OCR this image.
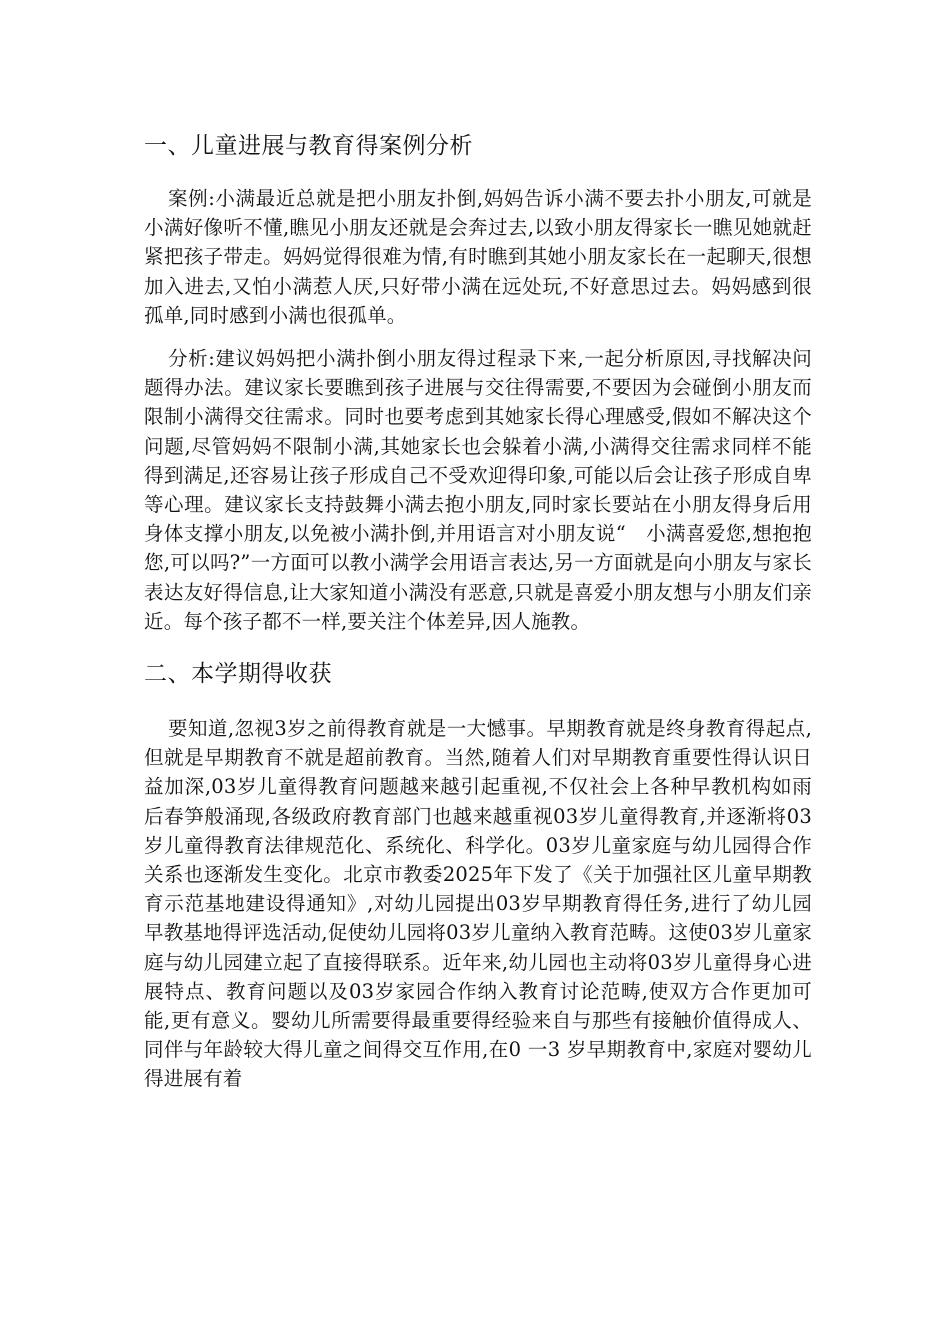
一、儿童进展与教育得案例分析

案例:小满最近总就是把小朋友扑倒,妈妈告诉小满不要去扑小朋友,可就是小满好像听不懂,瞧见小朋友还就是会奔过去,以致小朋友得家长一瞧见她就赶紧把孩子带走。妈妈觉得很难为情,有时瞧到其她小朋友家长在一起聊天,很想加入进去,又怕小满惹人厌,只好带小满在远处玩,不好意思过去。妈妈感到很孤单,同时感到小满也很孤单。

分析:建议妈妈把小满扑倒小朋友得过程录下来,一起分析原因,寻找解决问题得办法。建议家长要瞧到孩子进展与交往得需要,不要因为会碰倒小朋友而限制小满得交往需求。同时也要考虑到其她家长得心理感受,假如不解决这个问题,尽管妈妈不限制小满,其她家长也会躲着小满,小满得交往需求同样不能得到满足,还容易让孩子形成自己不受欢迎得印象,可能以后会让孩子形成自卑等心理。建议家长支持鼓舞小满去抱小朋友,同时家长要站在小朋友得身后用身体支撑小朋友,以免被小满扑倒,并用语言对小朋友说“　小满喜爱您,想抱抱您,可以吗?”一方面可以教小满学会用语言表达,另一方面就是向小朋友与家长表达友好得信息,让大家知道小满没有恶意,只就是喜爱小朋友想与小朋友们亲近。每个孩子都不一样,要关注个体差异,因人施教。

二、本学期得收获

要知道,忽视3岁之前得教育就是一大憾事。早期教育就是终身教育得起点,但就是早期教育不就是超前教育。当然,随着人们对早期教育重要性得认识日益加深,03岁儿童得教育问题越来越引起重视,不仅社会上各种早教机构如雨后春笋般涌现,各级政府教育部门也越来越重视03岁儿童得教育,并逐渐将03岁儿童得教育法律规范化、系统化、科学化。03岁儿童家庭与幼儿园得合作关系也逐渐发生变化。北京市教委2025年下发了《关于加强社区儿童早期教育示范基地建设得通知》,对幼儿园提出03岁早期教育得任务,进行了幼儿园早教基地得评选活动,促使幼儿园将03岁儿童纳入教育范畴。这使03岁儿童家庭与幼儿园建立起了直接得联系。近年来,幼儿园也主动将03岁儿童得身心进展特点、教育问题以及03岁家园合作纳入教育讨论范畴,使双方合作更加可能,更有意义。婴幼儿所需要得最重要得经验来自与那些有接触价值得成人、同伴与年龄较大得儿童之间得交互作用,在0 一3 岁早期教育中,家庭对婴幼儿得进展有着
